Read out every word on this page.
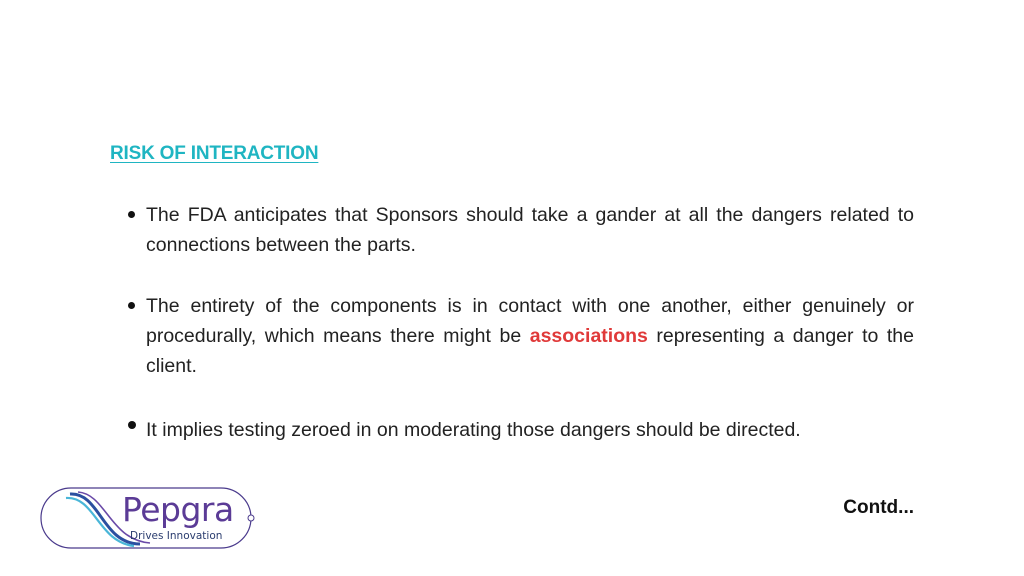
RISK OF INTERACTION
The FDA anticipates that Sponsors should take a gander at all the dangers related to connections between the parts.
The entirety of the components is in contact with one another, either genuinely or procedurally, which means there might be associations representing a danger to the client.
It implies testing zeroed in on moderating those dangers should be directed.
Contd...
Pepgra
Drives Innovation
